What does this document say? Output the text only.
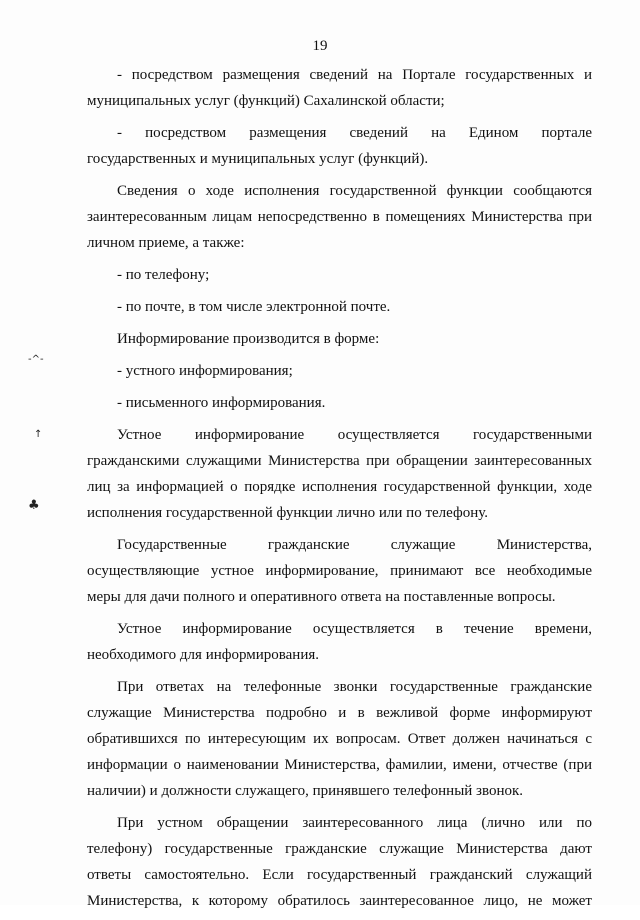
19
-^-
↑
♣
- посредством размещения сведений на Портале государственных и
муниципальных услуг (функций) Сахалинской области;
- посредством размещения сведений на Едином портале
государственных и муниципальных услуг (функций).
Сведения о ходе исполнения государственной функции сообщаются
заинтересованным лицам непосредственно в помещениях Министерства при
личном приеме, а также:
- по телефону;
- по почте, в том числе электронной почте.
Информирование производится в форме:
- устного информирования;
- письменного информирования.
Устное информирование осуществляется государственными
гражданскими служащими Министерства при обращении заинтересованных
лиц за информацией о порядке исполнения государственной функции, ходе
исполнения государственной функции лично или по телефону.
Государственные гражданские служащие Министерства,
осуществляющие устное информирование, принимают все необходимые
меры для дачи полного и оперативного ответа на поставленные вопросы.
Устное информирование осуществляется в течение времени,
необходимого для информирования.
При ответах на телефонные звонки государственные гражданские
служащие Министерства подробно и в вежливой форме информируют
обратившихся по интересующим их вопросам. Ответ должен начинаться с
информации о наименовании Министерства, фамилии, имени, отчестве (при
наличии) и должности служащего, принявшего телефонный звонок.
При устном обращении заинтересованного лица (лично или по
телефону) государственные гражданские служащие Министерства дают
ответы самостоятельно. Если государственный гражданский служащий
Министерства, к которому обратилось заинтересованное лицо, не может
